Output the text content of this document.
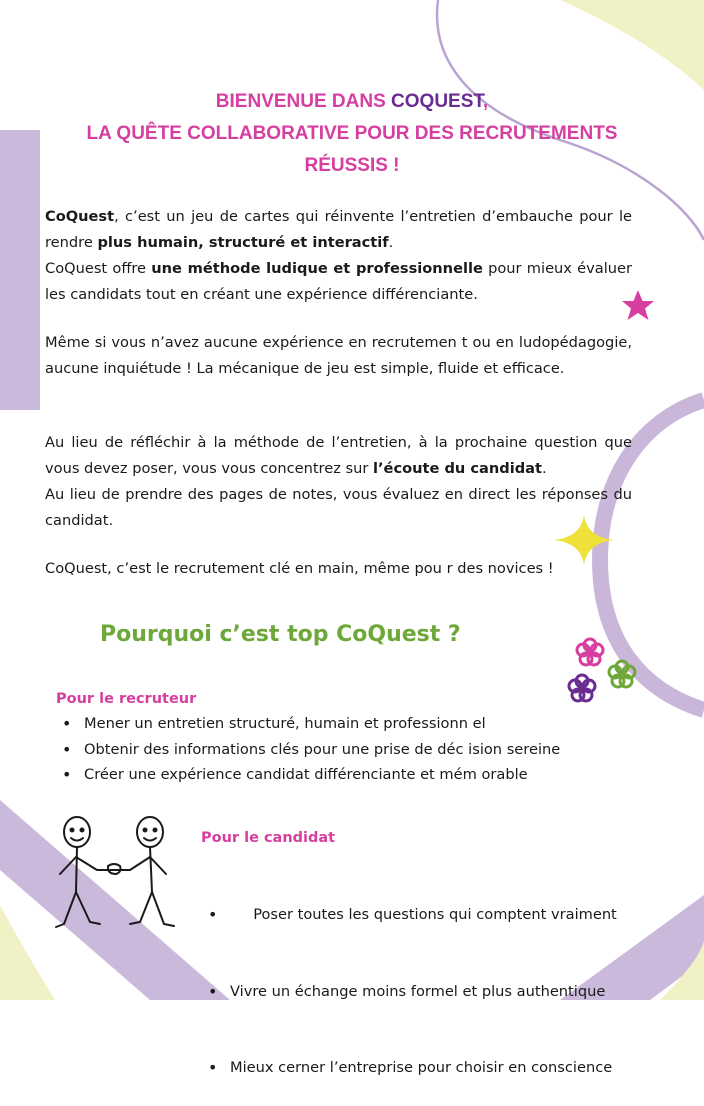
BIENVENUE DANS COQUEST,
LA QUÊTE COLLABORATIVE POUR DES RECRUTEMENTS
RÉUSSIS !
CoQuest, c’est un jeu de cartes qui réinvente l’entretien d’embauche pour le rendre plus humain, structuré et interactif.
CoQuest offre une méthode ludique et professionnelle pour mieux évaluer les candidats tout en créant une expérience différenciante.
Même si vous n’avez aucune expérience en recrutemen t ou en ludopédagogie, aucune inquiétude ! La mécanique de jeu est simple, fluide et efficace.
Au lieu de réfléchir à la méthode de l’entretien, à la prochaine question que vous devez poser, vous vous concentrez sur l’écoute du candidat.
Au lieu de prendre des pages de notes, vous évaluez en direct les réponses du candidat.
CoQuest, c’est le recrutement clé en main, même pou r des novices !
Pourquoi c’est top CoQuest ?
Pour le recruteur
• Mener un entretien structuré, humain et professionn el
• Obtenir des informations clés pour une prise de déc ision sereine
• Créer une expérience candidat différenciante et mém orable
Pour le candidat

•      Poser toutes les questions qui comptent vraiment

• Vivre un échange moins formel et plus authentique

• Mieux cerner l’entreprise pour choisir en conscience
